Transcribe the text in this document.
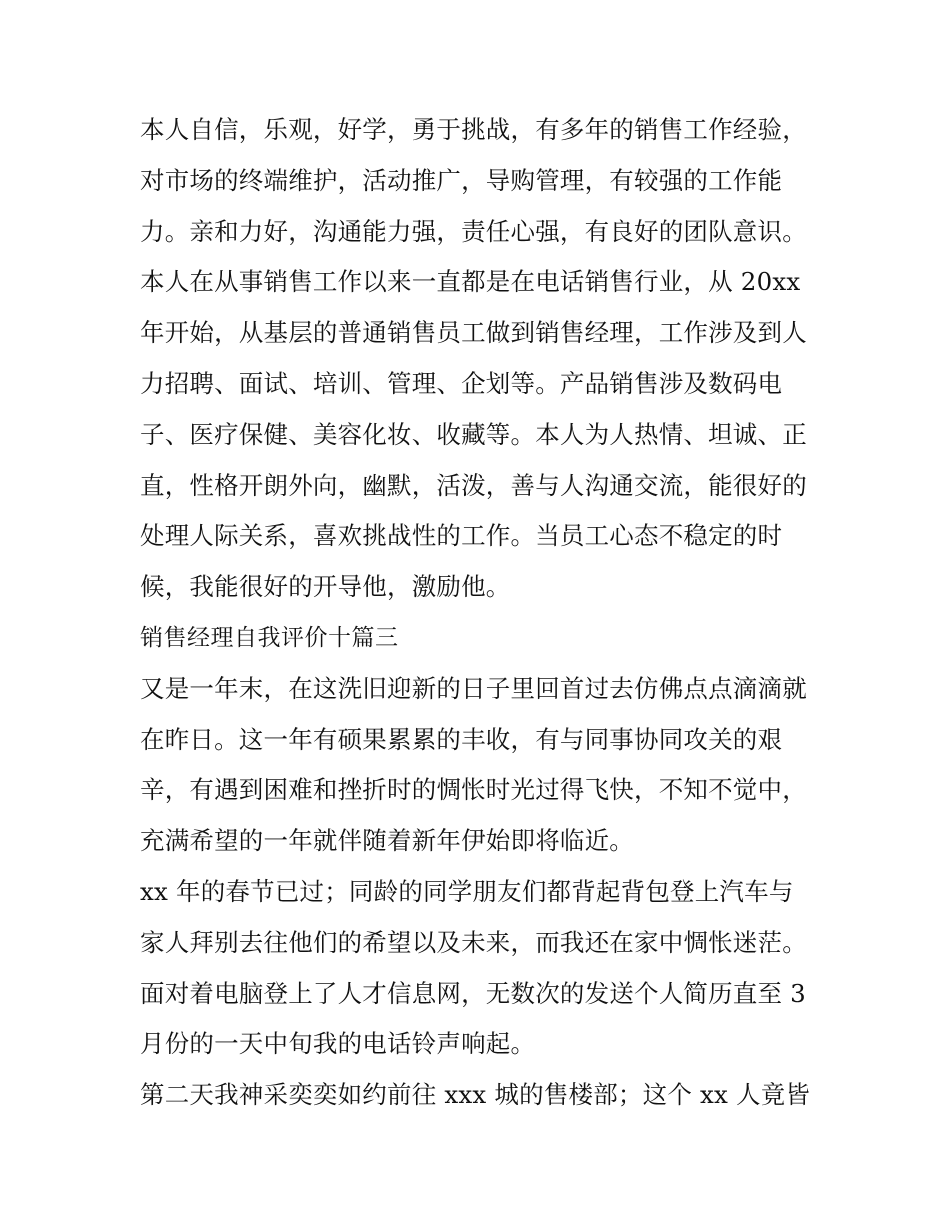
本人自信，乐观，好学，勇于挑战，有多年的销售工作经验，
对市场的终端维护，活动推广，导购管理，有较强的工作能
力。亲和力好，沟通能力强，责任心强，有良好的团队意识。
本人在从事销售工作以来一直都是在电话销售行业，从 20xx
年开始，从基层的普通销售员工做到销售经理，工作涉及到人
力招聘、面试、培训、管理、企划等。产品销售涉及数码电
子、医疗保健、美容化妆、收藏等。本人为人热情、坦诚、正
直，性格开朗外向，幽默，活泼，善与人沟通交流，能很好的
处理人际关系，喜欢挑战性的工作。当员工心态不稳定的时
候，我能很好的开导他，激励他。
销售经理自我评价十篇三
又是一年末，在这洗旧迎新的日子里回首过去仿佛点点滴滴就
在昨日。这一年有硕果累累的丰收，有与同事协同攻关的艰
辛，有遇到困难和挫折时的惆怅时光过得飞快，不知不觉中，
充满希望的一年就伴随着新年伊始即将临近。
xx 年的春节已过；同龄的同学朋友们都背起背包登上汽车与
家人拜别去往他们的希望以及未来，而我还在家中惆怅迷茫。
面对着电脑登上了人才信息网，无数次的发送个人简历直至 3
月份的一天中旬我的电话铃声响起。
第二天我神采奕奕如约前往 xxx 城的售楼部；这个 xx 人竟皆
